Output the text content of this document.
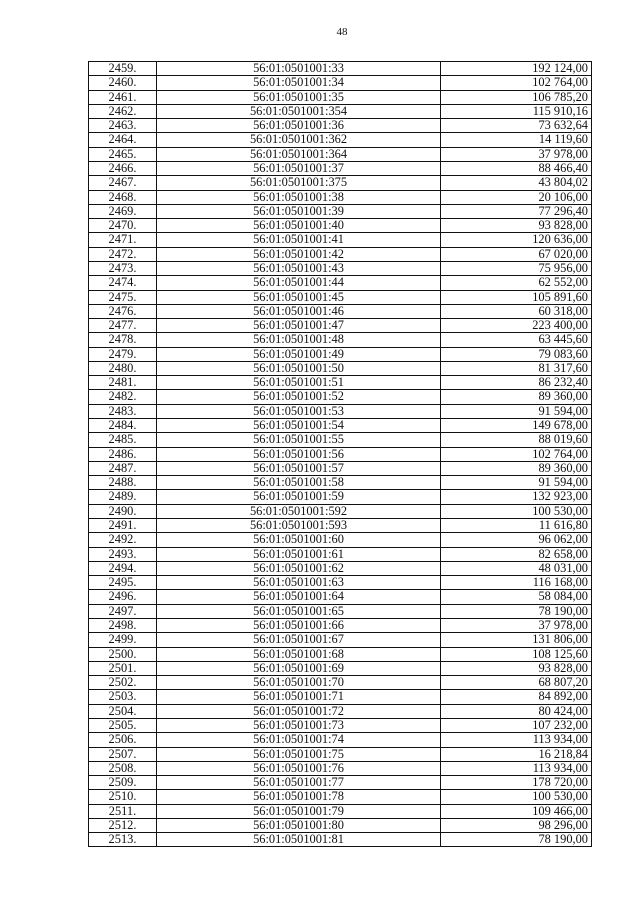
48
2459.	56:01:0501001:33	192 124,00
2460.	56:01:0501001:34	102 764,00
2461.	56:01:0501001:35	106 785,20
2462.	56:01:0501001:354	115 910,16
2463.	56:01:0501001:36	73 632,64
2464.	56:01:0501001:362	14 119,60
2465.	56:01:0501001:364	37 978,00
2466.	56:01:0501001:37	88 466,40
2467.	56:01:0501001:375	43 804,02
2468.	56:01:0501001:38	20 106,00
2469.	56:01:0501001:39	77 296,40
2470.	56:01:0501001:40	93 828,00
2471.	56:01:0501001:41	120 636,00
2472.	56:01:0501001:42	67 020,00
2473.	56:01:0501001:43	75 956,00
2474.	56:01:0501001:44	62 552,00
2475.	56:01:0501001:45	105 891,60
2476.	56:01:0501001:46	60 318,00
2477.	56:01:0501001:47	223 400,00
2478.	56:01:0501001:48	63 445,60
2479.	56:01:0501001:49	79 083,60
2480.	56:01:0501001:50	81 317,60
2481.	56:01:0501001:51	86 232,40
2482.	56:01:0501001:52	89 360,00
2483.	56:01:0501001:53	91 594,00
2484.	56:01:0501001:54	149 678,00
2485.	56:01:0501001:55	88 019,60
2486.	56:01:0501001:56	102 764,00
2487.	56:01:0501001:57	89 360,00
2488.	56:01:0501001:58	91 594,00
2489.	56:01:0501001:59	132 923,00
2490.	56:01:0501001:592	100 530,00
2491.	56:01:0501001:593	11 616,80
2492.	56:01:0501001:60	96 062,00
2493.	56:01:0501001:61	82 658,00
2494.	56:01:0501001:62	48 031,00
2495.	56:01:0501001:63	116 168,00
2496.	56:01:0501001:64	58 084,00
2497.	56:01:0501001:65	78 190,00
2498.	56:01:0501001:66	37 978,00
2499.	56:01:0501001:67	131 806,00
2500.	56:01:0501001:68	108 125,60
2501.	56:01:0501001:69	93 828,00
2502.	56:01:0501001:70	68 807,20
2503.	56:01:0501001:71	84 892,00
2504.	56:01:0501001:72	80 424,00
2505.	56:01:0501001:73	107 232,00
2506.	56:01:0501001:74	113 934,00
2507.	56:01:0501001:75	16 218,84
2508.	56:01:0501001:76	113 934,00
2509.	56:01:0501001:77	178 720,00
2510.	56:01:0501001:78	100 530,00
2511.	56:01:0501001:79	109 466,00
2512.	56:01:0501001:80	98 296,00
2513.	56:01:0501001:81	78 190,00
